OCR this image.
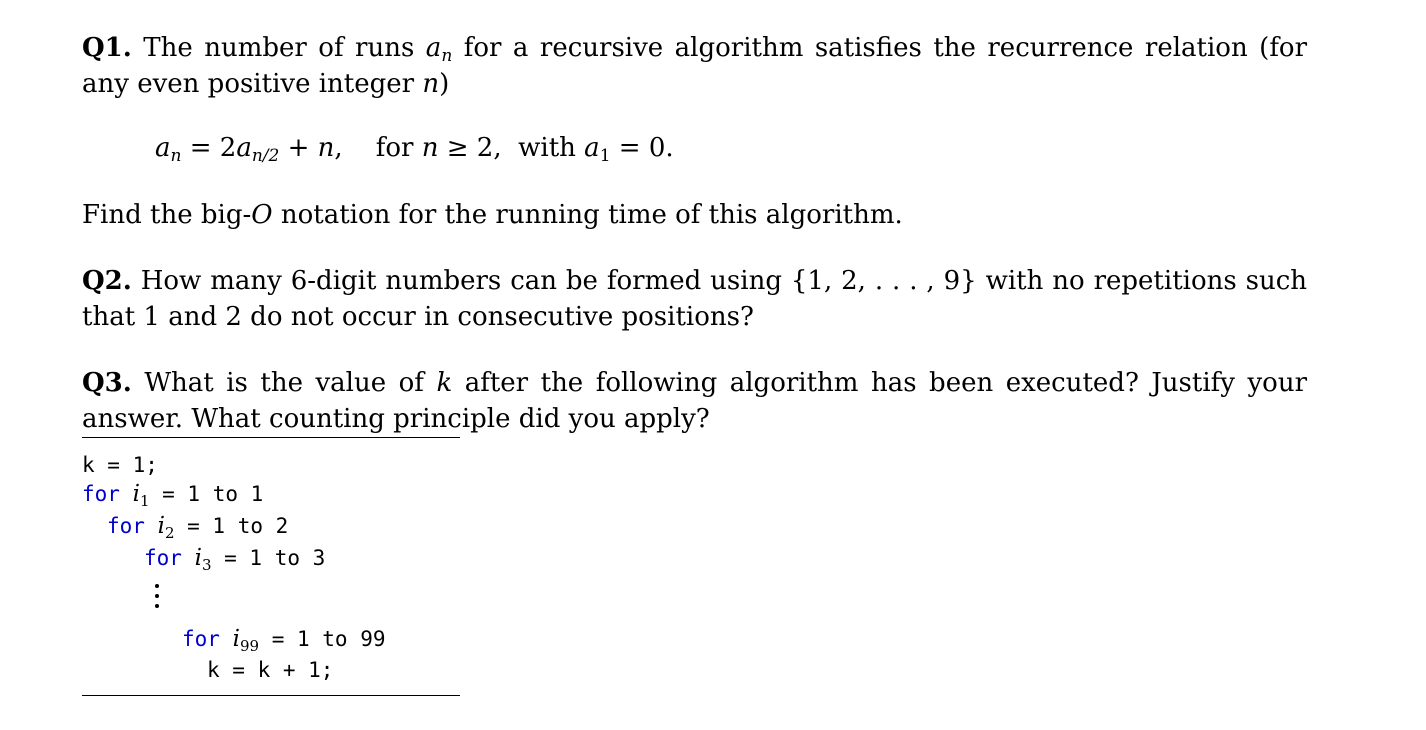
Q1. The number of runs $a_n$ for a recursive algorithm satisfies the recurrence relation (for any even positive integer n)
$a_n = 2a_{n/2} + n$, for n ≥ 2, with $a_1 = 0$.
Find the big-O notation for the running time of this algorithm.
Q2. How many 6-digit numbers can be formed using {1, 2, . . . , 9} with no repetitions such that 1 and 2 do not occur in consecutive positions?
Q3. What is the value of k after the following algorithm has been executed? Justify your answer. What counting principle did you apply?
k = 1;
for $i_1 = 1$ to 1
for $i_2 = 1$ to 2
for $i_3 = 1$ to 3
for $i_{99} = 1$ to 99
k = k + 1;
